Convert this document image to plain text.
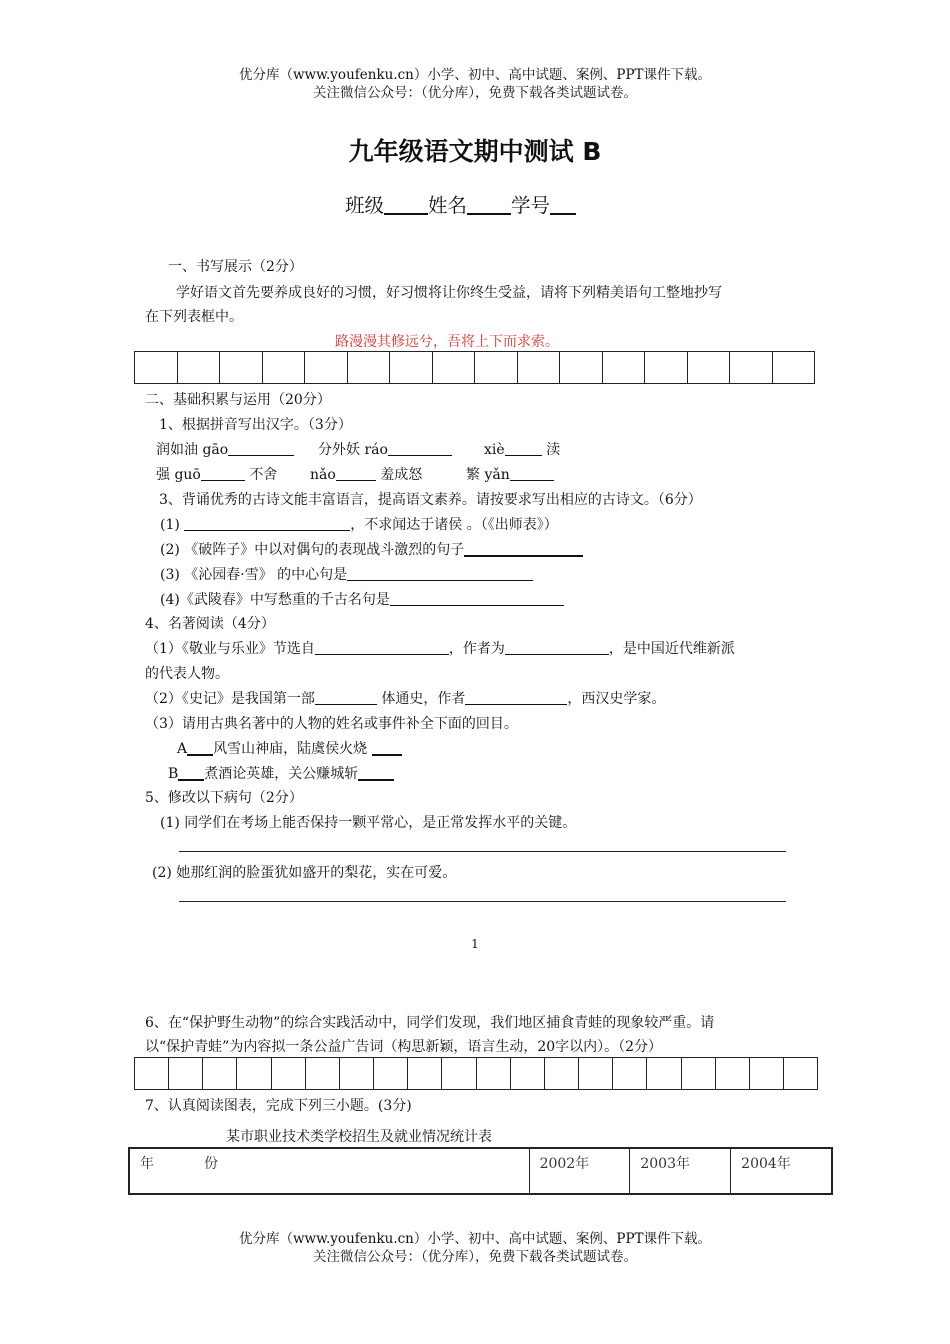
优分库（www.youfenku.cn）小学、初中、高中试题、案例、PPT课件下载。
关注微信公众号：（优分库），免费下载各类试题试卷。
九年级语文期中测试 B
班级 姓名 学号
一、书写展示（2分）
学好语文首先要养成良好的习惯，好习惯将让你终生受益，请将下列精美语句工整地抄写
在下列表框中。
路漫漫其修远兮，吾将上下而求索。
二、基础积累与运用（20分）
1、根据拼音写出汉字。（3分）
润如油 gāo	分外妖 ráo	xiè	渎
强 guō	不舍 nǎo	羞成怒	繁 yǎn
3、背诵优秀的古诗文能丰富语言，提高语文素养。请按要求写出相应的古诗文。（6分）
(1)	，不求闻达于诸侯 。（《出师表》）
(2) 《破阵子》中以对偶句的表现战斗激烈的句子
(3) 《沁园春·雪》 的中心句是
(4)《武陵春》中写愁重的千古名句是
4、名著阅读（4分）
（1）《敬业与乐业》节选自	，作者为	，是中国近代维新派
的代表人物。
（2）《史记》是我国第一部	体通史，作者	，西汉史学家。
（3）请用古典名著中的人物的姓名或事件补全下面的回目。
A 风雪山神庙，陆虞侯火烧
B 煮酒论英雄，关公赚城斩
5、修改以下病句（2分）
(1) 同学们在考场上能否保持一颗平常心，是正常发挥水平的关键。
(2) 她那红润的脸蛋犹如盛开的梨花，实在可爱。
1
6、在“保护野生动物”的综合实践活动中，同学们发现，我们地区捕食青蛙的现象较严重。请
以“保护青蛙”为内容拟一条公益广告词（构思新颖，语言生动，20字以内）。（2分）
7、认真阅读图表，完成下列三小题。(3分)
某市职业技术类学校招生及就业情况统计表
年	份	2002年	2003年	2004年
优分库（www.youfenku.cn）小学、初中、高中试题、案例、PPT课件下载。
关注微信公众号：（优分库），免费下载各类试题试卷。
